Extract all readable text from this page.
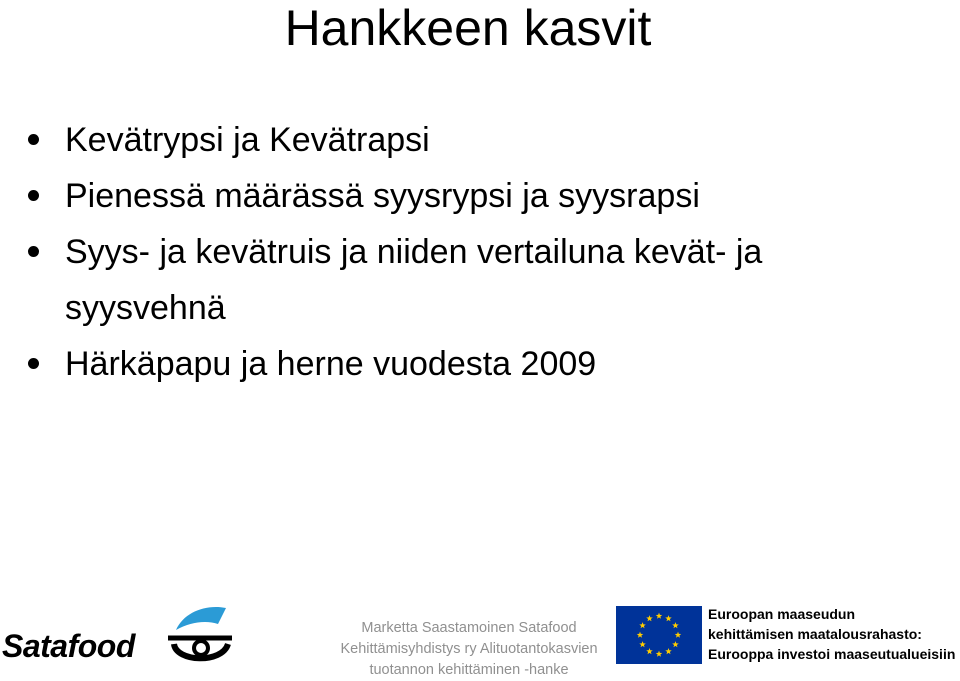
Hankkeen kasvit
Kevätrypsi ja Kevätrapsi
Pienessä määrässä syysrypsi ja syysrapsi
Syys- ja kevätruis ja niiden vertailuna kevät- ja syysvehnä
Härkäpapu ja herne vuodesta 2009
Satafood	Marketta Saastamoinen Satafood
Kehittämisyhdistys ry Alituotantokasvien
tuotannon kehittäminen -hanke
Euroopan maaseudun
kehittämisen maatalousrahasto:
Eurooppa investoi maaseutualueisiin
